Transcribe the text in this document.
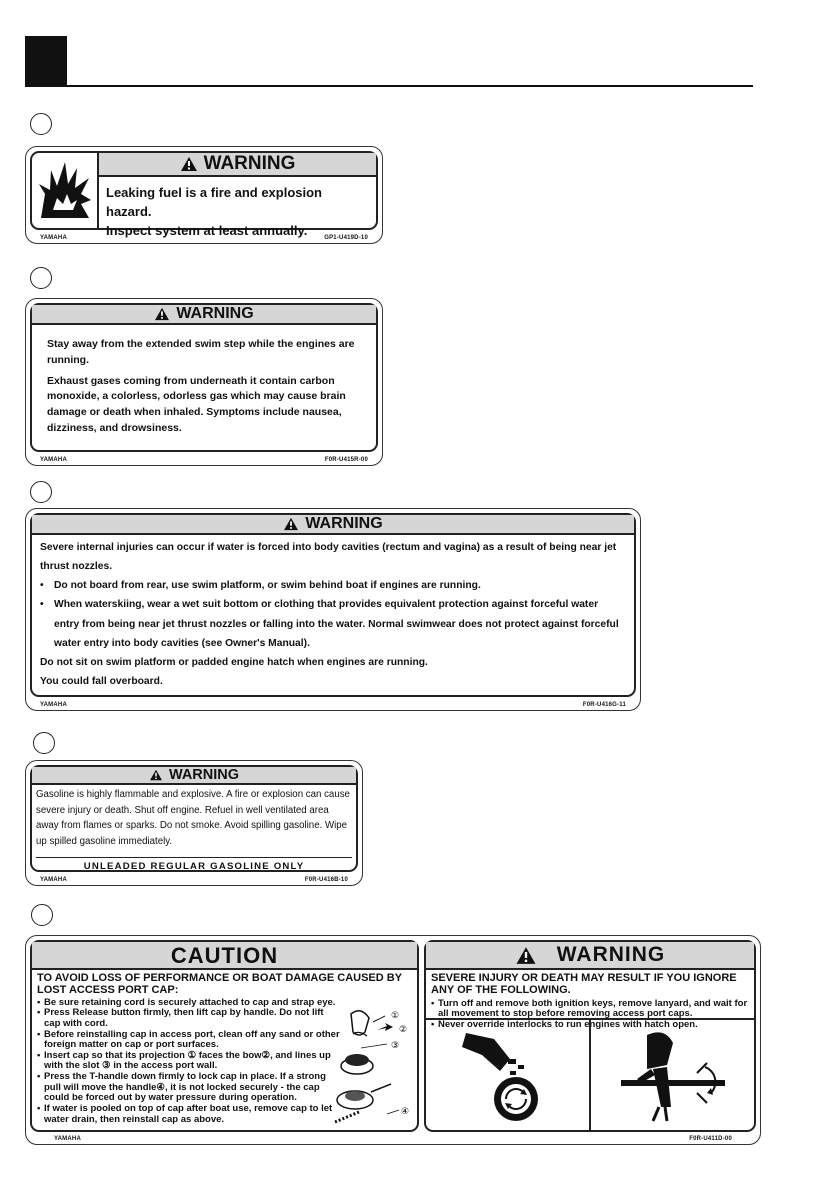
WARNING

Leaking fuel is a fire and explosion hazard.

Inspect system at least annually.

YAMAHA	GP1-U419D-10
WARNING

Stay away from the extended swim step while the engines are running.

Exhaust gases coming from underneath it contain carbon monoxide, a colorless, odorless gas which may cause brain damage or death when inhaled. Symptoms include nausea, dizziness, and drowsiness.

YAMAHA	F0R-U415R-00
WARNING

Severe internal injuries can occur if water is forced into body cavities (rectum and vagina) as a result of being near jet thrust nozzles.

•	Do not board from rear, use swim platform, or swim behind boat if engines are running.

•	When waterskiing, wear a wet suit bottom or clothing that provides equivalent protection against forceful water entry from being near jet thrust nozzles or falling into the water. Normal swimwear does not protect against forceful water entry into body cavities (see Owner's Manual).

Do not sit on swim platform or padded engine hatch when engines are running.

You could fall overboard.

YAMAHA	F0R-U416G-11
WARNING
Gasoline is highly flammable and explosive. A fire or explosion can cause severe injury or death. Shut off engine. Refuel in well ventilated area away from flames or sparks. Do not smoke. Avoid spilling gasoline. Wipe up spilled gasoline immediately.
UNLEADED REGULAR GASOLINE ONLY
YAMAHA	F0R-U416B-10
CAUTION

TO AVOID LOSS OF PERFORMANCE OR BOAT DAMAGE CAUSED BY LOST ACCESS PORT CAP:

• Be sure retaining cord is securely attached to cap and strap eye.

• Press Release button firmly, then lift cap by handle. Do not lift cap with cord.

• Before reinstalling cap in access port, clean off any sand or other foreign matter on cap or port surfaces.

• Insert cap so that its projection ① faces the bow②, and lines up with the slot ③ in the access port wall.

• Press the T-handle down firmly to lock cap in place. If a strong pull will move the handle④, it is not locked securely - the cap could be forced out by water pressure during operation.

• If water is pooled on top of cap after boat use, remove cap to let water drain, then reinstall cap as above.

①
②
③
④
WARNING

SEVERE INJURY OR DEATH MAY RESULT IF YOU IGNORE ANY OF THE FOLLOWING.

• Turn off and remove both ignition keys, remove lanyard, and wait for all movement to stop before removing access port caps.

• Never override interlocks to run engines with hatch open.

YAMAHA	F0R-U411D-00
